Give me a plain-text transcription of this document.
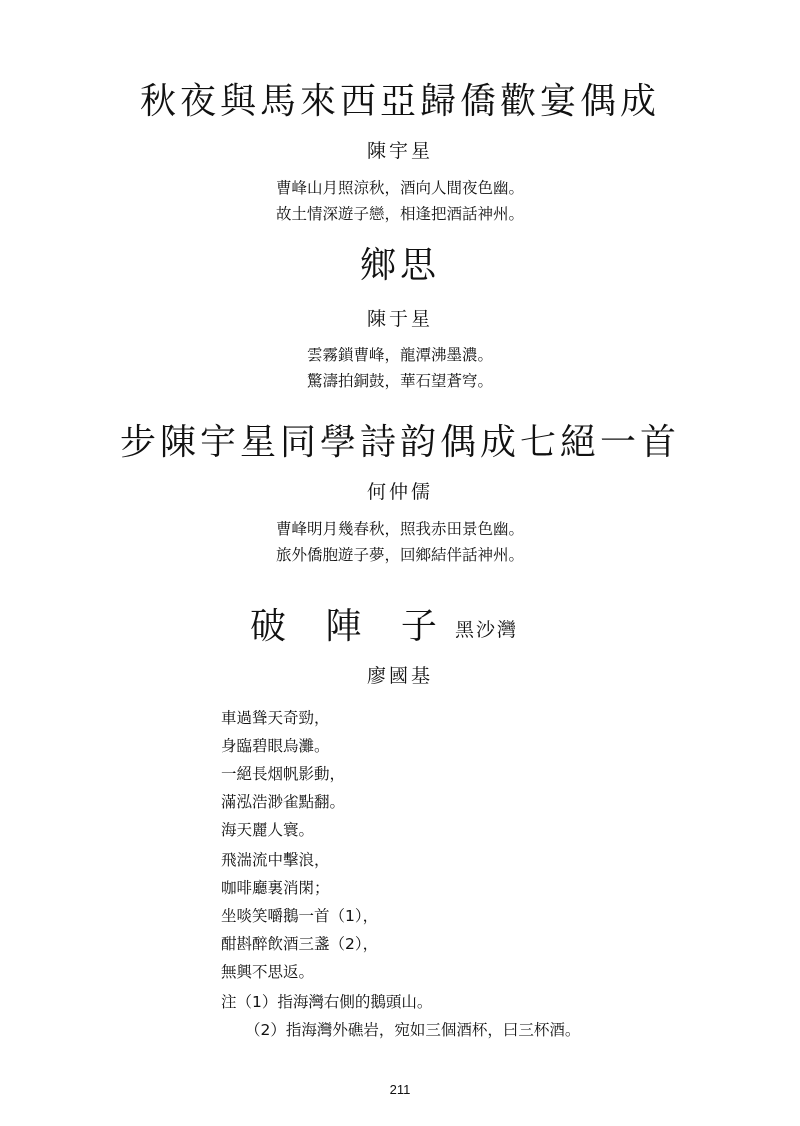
秋夜與馬來西亞歸僑歡宴偶成
陳宇星
曹峰山月照涼秋，酒向人間夜色幽。
故土情深遊子戀，相逢把酒話神州。
鄉思
陳于星
雲霧鎖曹峰，龍潭沸墨濃。
驚濤拍銅鼓，華石望蒼穹。
步陳宇星同學詩韵偶成七絕一首
何仲儒
曹峰明月幾春秋，照我赤田景色幽。
旅外僑胞遊子夢，回鄉結伴話神州。
破 陣 子 黑沙灣
廖國基
車過聳天奇勁，
身臨碧眼烏灘。
一絕長烟帆影動，
滿泓浩渺雀點翻。
海天麗人寰。
飛湍流中擊浪，
咖啡廳裏消閑；
坐啖笑嚼鵝一首（1），
酣斟醉飲酒三盞（2），
無興不思返。
注（1）指海灣右側的鵝頭山。
（2）指海灣外礁岩，宛如三個酒杯，曰三杯酒。
211
